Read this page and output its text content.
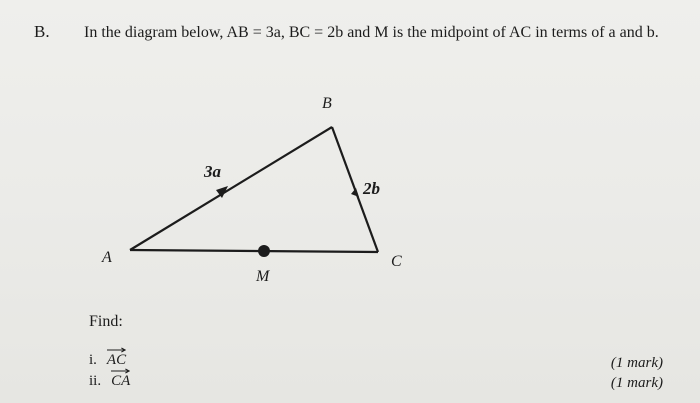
B. In the diagram below, AB = 3a, BC = 2b and M is the midpoint of AC in terms of a and b.
B
A	C
M
3a
2b
Find:
i. AC	(1 mark)
ii. CA	(1 mark)
